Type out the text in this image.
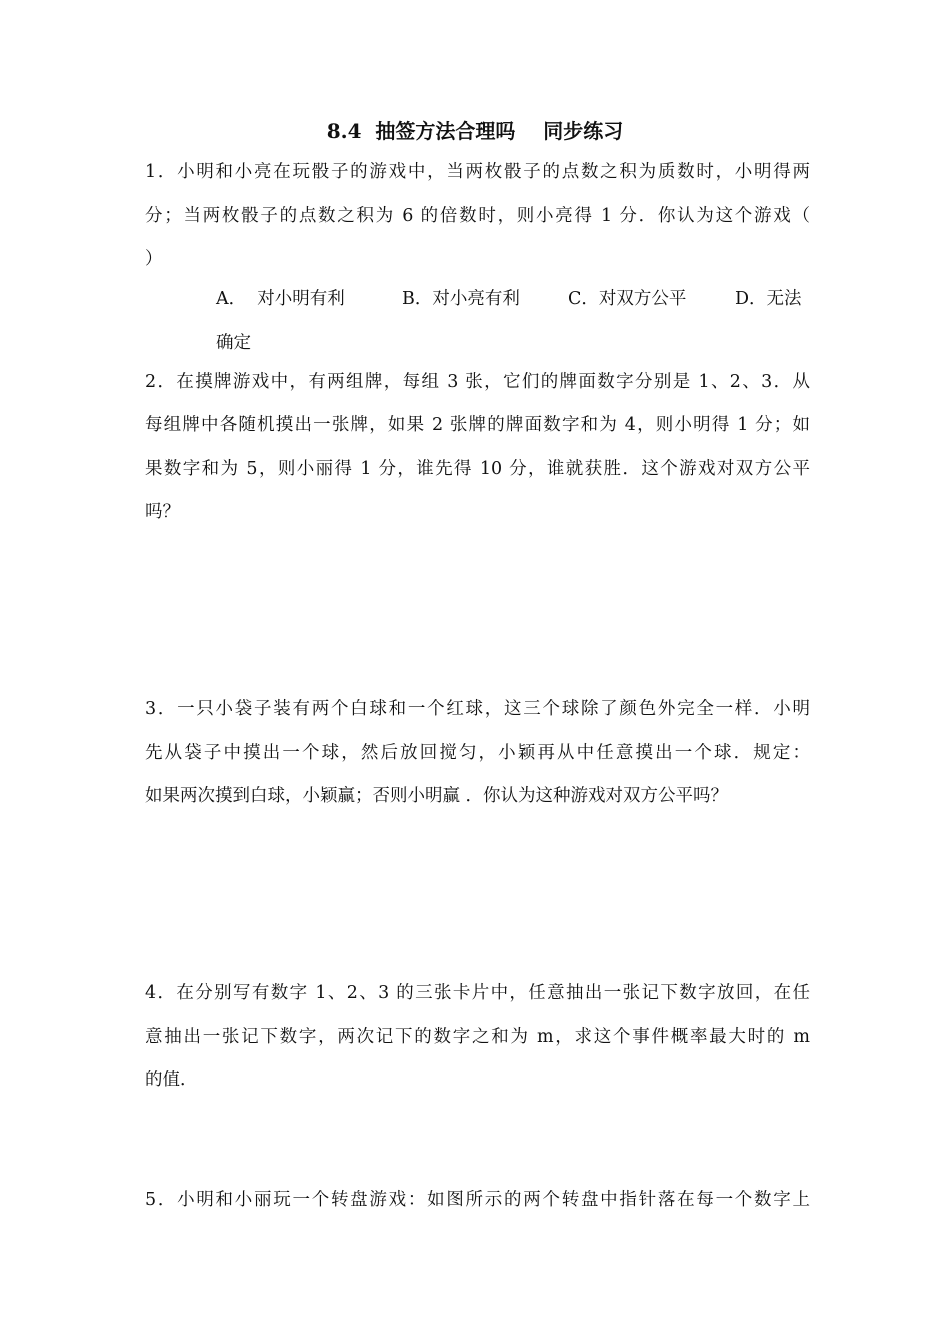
8.4  抽签方法合理吗    同步练习
1．小明和小亮在玩骰子的游戏中，当两枚骰子的点数之积为质数时，小明得两
分；当两枚骰子的点数之积为 6 的倍数时，则小亮得 1 分．你认为这个游戏（
）
A．  对小明有利	B．对小亮有利	C．对双方公平	D．无法
确定
2．在摸牌游戏中，有两组牌，每组 3 张，它们的牌面数字分别是 1、2、3．从
每组牌中各随机摸出一张牌，如果 2 张牌的牌面数字和为 4，则小明得 1 分；如
果数字和为 5，则小丽得 1 分，谁先得 10 分，谁就获胜．这个游戏对双方公平
吗？
3．一只小袋子装有两个白球和一个红球，这三个球除了颜色外完全一样．小明
先从袋子中摸出一个球，然后放回搅匀，小颖再从中任意摸出一个球．规定：
如果两次摸到白球，小颖赢；否则小明赢 ．你认为这种游戏对双方公平吗？
4．在分别写有数字 1、2、3 的三张卡片中，任意抽出一张记下数字放回，在任
意抽出一张记下数字，两次记下的数字之和为 m，求这个事件概率最大时的 m
的值．
5．小明和小丽玩一个转盘游戏：如图所示的两个转盘中指针落在每一个数字上
